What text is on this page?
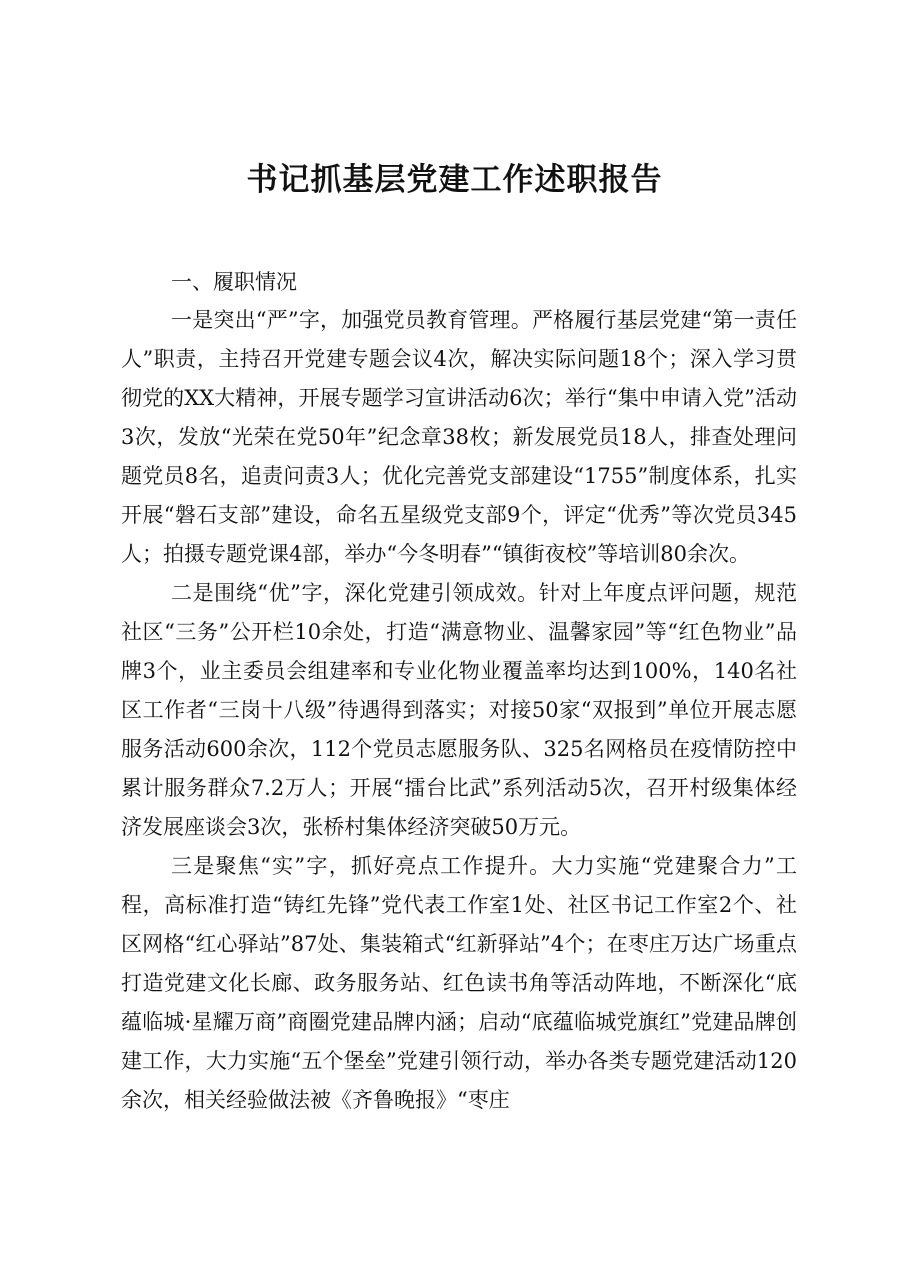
书记抓基层党建工作述职报告
一、履职情况

一是突出“严”字，加强党员教育管理。严格履行基层党建“第一责任人”职责，主持召开党建专题会议4次，解决实际问题18个；深入学习贯彻党的XX大精神，开展专题学习宣讲活动6次；举行“集中申请入党”活动3次，发放“光荣在党50年”纪念章38枚；新发展党员18人，排查处理问题党员8名，追责问责3人；优化完善党支部建设“1755”制度体系，扎实开展“磐石支部”建设，命名五星级党支部9个，评定“优秀”等次党员345人；拍摄专题党课4部，举办“今冬明春”“镇街夜校”等培训80余次。

二是围绕“优”字，深化党建引领成效。针对上年度点评问题，规范社区“三务”公开栏10余处，打造“满意物业、温馨家园”等“红色物业”品牌3个，业主委员会组建率和专业化物业覆盖率均达到100%，140名社区工作者“三岗十八级”待遇得到落实；对接50家“双报到”单位开展志愿服务活动600余次，112个党员志愿服务队、325名网格员在疫情防控中累计服务群众7.2万人；开展“擂台比武”系列活动5次，召开村级集体经济发展座谈会3次，张桥村集体经济突破50万元。

三是聚焦“实”字，抓好亮点工作提升。大力实施“党建聚合力”工程，高标准打造“铸红先锋”党代表工作室1处、社区书记工作室2个、社区网格“红心驿站”87处、集装箱式“红新驿站”4个；在枣庄万达广场重点打造党建文化长廊、政务服务站、红色读书角等活动阵地，不断深化“底蕴临城·星耀万商”商圈党建品牌内涵；启动“底蕴临城党旗红”党建品牌创建工作，大力实施“五个堡垒”党建引领行动，举办各类专题党建活动120余次，相关经验做法被《齐鲁晚报》“枣庄
